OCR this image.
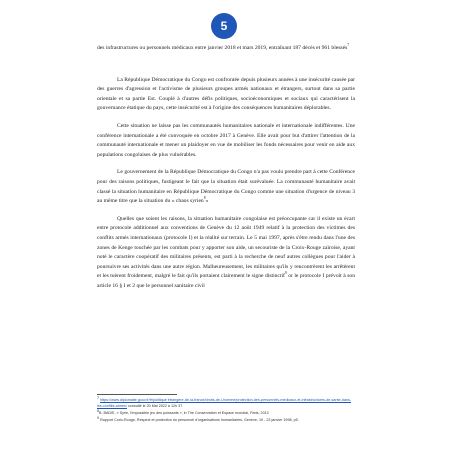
5

des infrastructures ou personnels médicaux entre janvier 2018 et mars 2019, entraînant 187 décès et 961 blessés$^7$

La République Démocratique du Congo est confrontée depuis plusieurs années à une insécurité causée par des guerres d'agression et l'activisme de plusieurs groupes armés nationaux et étrangers, surtout dans sa partie orientale et sa partie Est. Couplé à d'autres défis politiques, socioéconomiques et sociaux qui caractérisent la gouvernance étatique du pays, cette insécurité est à l'origine des conséquences humanitaires déplorables.

Cette situation ne laisse pas les communautés humanitaires nationale et internationale indifférentes. Une conférence internationale a été convoquée en octobre 2017 à Genève. Elle avait pour but d'attirer l'attention de la communauté internationale et mener un plaidoyer en vue de mobiliser les fonds nécessaires pour venir en aide aux populations congolaises de plus vulnérables.

Le gouvernement de la République Démocratique du Congo n'a pas voulu prendre part à cette Conférence pour des raisons politiques, fustigeant le fait que la situation était surévaluée. La communauté humanitaire avait classé la situation humanitaire en République Démocratique du Congo comme une situation d'urgence de niveau 3 au même titre que la situation du « chaos syrien$^8$»

Quelles que soient les raisons, la situation humanitaire congolaise est préoccupante car il existe un écart entre protocole additionnel aux conventions de Genève du 12 août 1949 relatif à la protection des victimes des conflits armés internationaux (protocole I) et la réalité sur terrain. Le 5 mai 1997, après s'être rendu dans l'une des zones de Kenge touchée par les combats pour y apporter son aide, un secouriste de la Croix-Rouge zaïroise, ayant noté le caractère coopératif des militaires présents, est parti à la recherche de neuf autres collègues pour l'aider à poursuivre ses activités dans une autre région. Malheureusement, les militaires qu'ils y rencontrèrent les arrêtèrent et les tuèrent froidement, malgré le fait qu'ils portaient clairement le signe distinctif$^9$ or le protocole I prévoit à son article 16 § I et 2 que le personnel sanitaire civil

$^7$ https://www.diplomatie.gouv.fr/fr/politique étrangère-de-la-france/droits-de-l-homme/protection-des-personnels-medicaux-et-infrastructures-de-sante-dans-les-conflits-armes/ consulté le 20 Mai 2022 à 12h 37

$^8$B. BADIE, « Syrie, l'impossible jeu des puissants », in The Conservation et Espace mondial, Paris, 2013

$^9$ Rapport Croix-Rouge, Respect et protection du personnel d'organisations humanitaires, Genève, 19 - 23 janvier 1998, p5.
